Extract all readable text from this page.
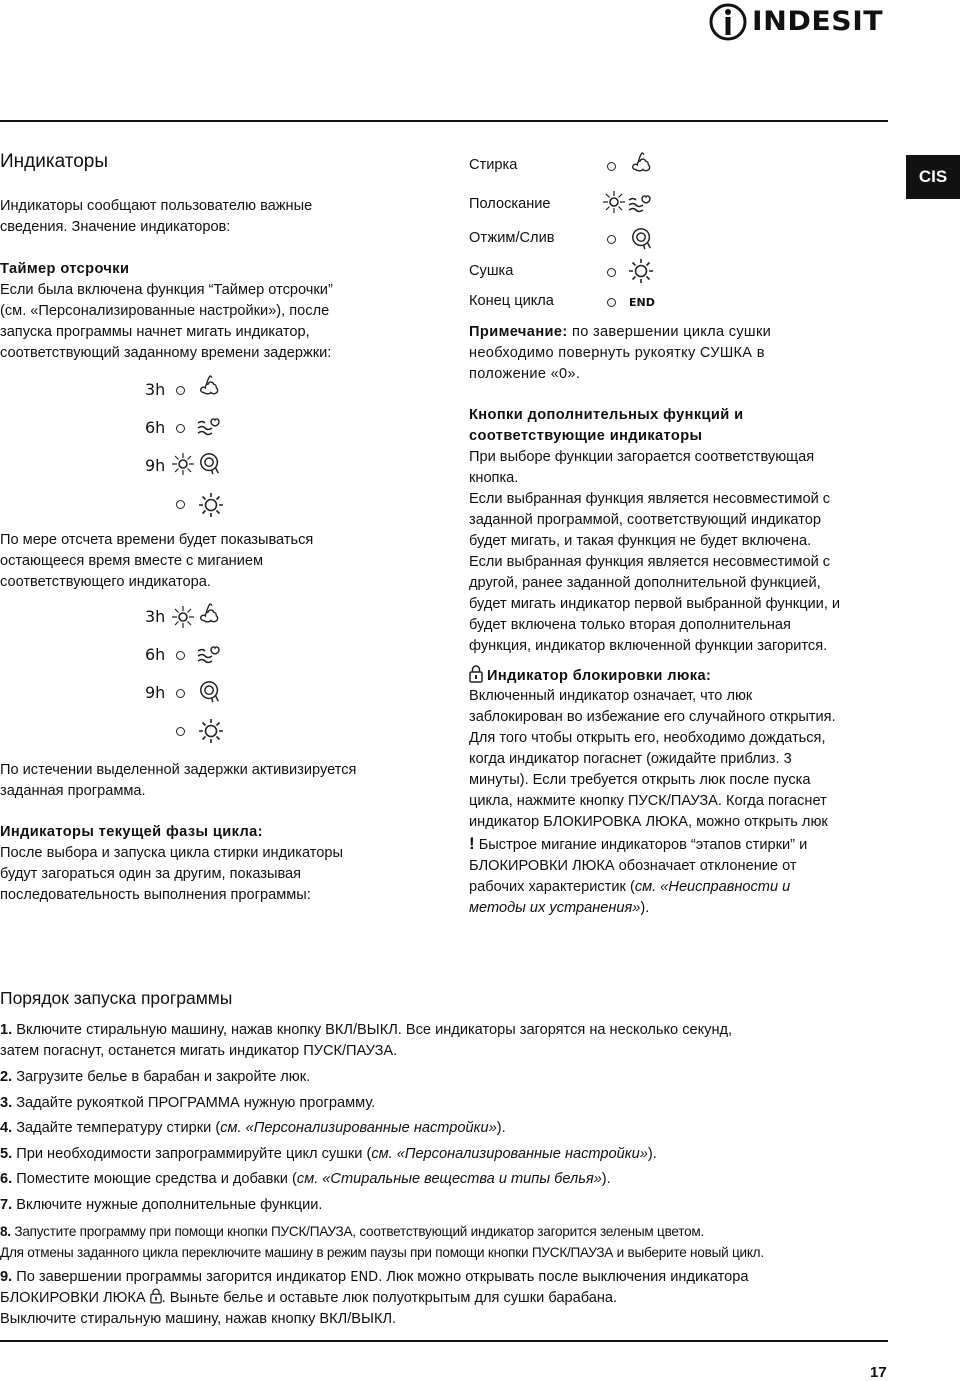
INDESIT
CIS
Индикаторы
Индикаторы сообщают пользователю важные
сведения. Значение индикаторов:
Таймер отсрочки
Если была включена функция “Таймер отсрочки”
(см. «Персонализированные настройки»), после
запуска программы начнет мигать индикатор,
соответствующий заданному времени задержки:
3h
6h
9h
По мере отсчета времени будет показываться
остающееся время вместе с миганием
соответствующего индикатора.
3h
6h
9h
По истечении выделенной задержки активизируется
заданная программа.
Индикаторы текущей фазы цикла:
После выбора и запуска цикла стирки индикаторы
будут загораться один за другим, показывая
последовательность выполнения программы:
Стирка
Полоскание
Отжим/Слив
Сушка
Конец цикла	END
Примечание: по завершении цикла сушки
необходимо повернуть рукоятку СУШКА в
положение «0».
Кнопки дополнительных функций и
соответствующие индикаторы
При выборе функции загорается соответствующая
кнопка.
Если выбранная функция является несовместимой с
заданной программой, соответствующий индикатор
будет мигать, и такая функция не будет включена.
Если выбранная функция является несовместимой с
другой, ранее заданной дополнительной функцией,
будет мигать индикатор первой выбранной функции, и
будет включена только вторая дополнительная
функция, индикатор включенной функции загорится.
Индикатор блокировки люка:
Включенный индикатор означает, что люк
заблокирован во избежание его случайного открытия.
Для того чтобы открыть его, необходимо дождаться,
когда индикатор погаснет (ожидайте приблиз. 3
минуты). Если требуется открыть люк после пуска
цикла, нажмите кнопку ПУСК/ПАУЗА. Когда погаснет
индикатор БЛОКИРОВКА ЛЮКА, можно открыть люк
! Быстрое мигание индикаторов “этапов стирки” и
БЛОКИРОВКИ ЛЮКА обозначает отклонение от
рабочих характеристик (см. «Неисправности и
методы их устранения»).
Порядок запуска программы
1. Включите стиральную машину, нажав кнопку ВКЛ/ВЫКЛ. Все индикаторы загорятся на несколько секунд,
затем погаснут, останется мигать индикатор ПУСК/ПАУЗА.
2. Загрузите белье в барабан и закройте люк.
3. Задайте рукояткой ПРОГРАММА нужную программу.
4. Задайте температуру стирки (см. «Персонализированные настройки»).
5. При необходимости запрограммируйте цикл сушки (см. «Персонализированные настройки»).
6. Поместите моющие средства и добавки (см. «Стиральные вещества и типы белья»).
7. Включите нужные дополнительные функции.
8. Запустите программу при помощи кнопки ПУСК/ПАУЗА, соответствующий индикатор загорится зеленым цветом.
Для отмены заданного цикла переключите машину в режим паузы при помощи кнопки ПУСК/ПАУЗА и выберите новый цикл.
9. По завершении программы загорится индикатор END. Люк можно открывать после выключения индикатора
БЛОКИРОВКИ ЛЮКА . Выньте белье и оставьте люк полуоткрытым для сушки барабана.
Выключите стиральную машину, нажав кнопку ВКЛ/ВЫКЛ.
17
